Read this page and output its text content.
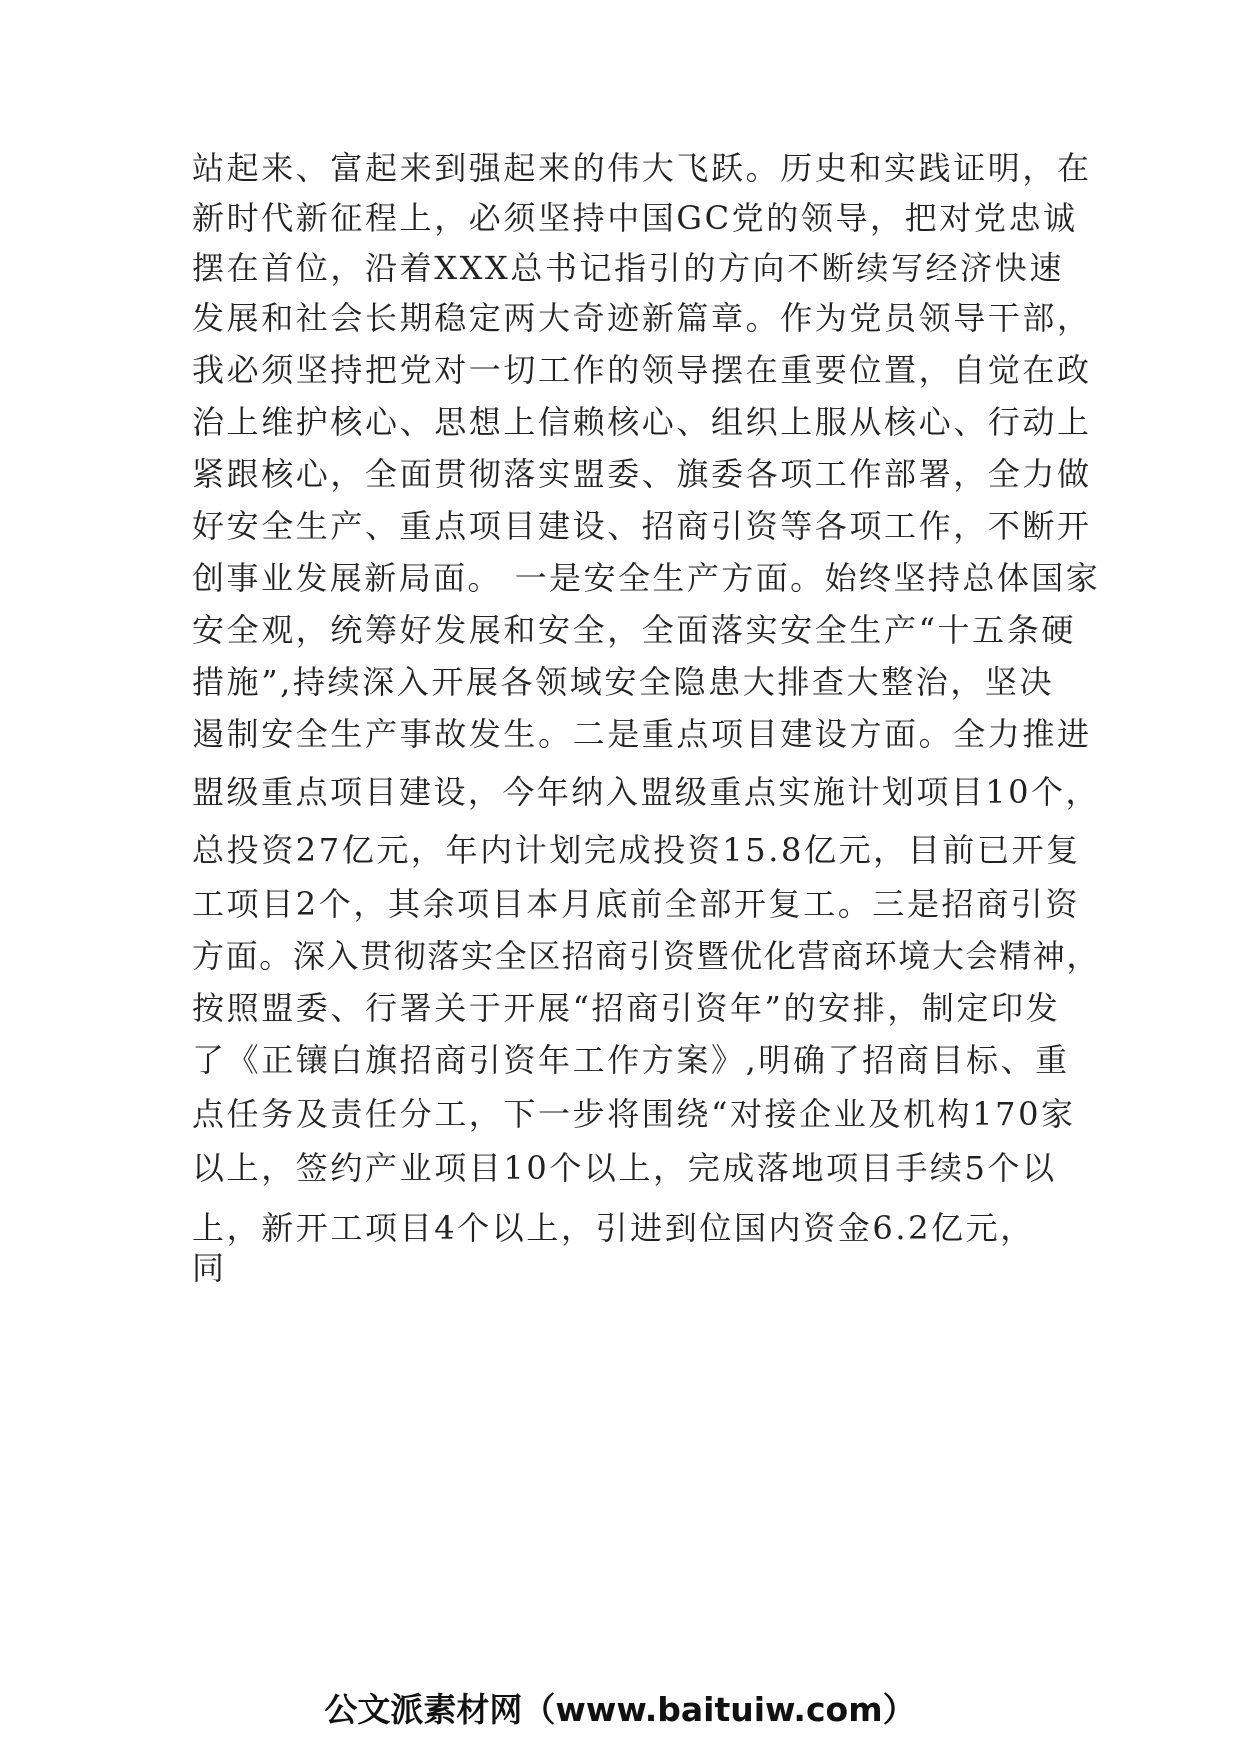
站起来、富起来到强起来的伟大飞跃。历史和实践证明，在
新时代新征程上，必须坚持中国GC党的领导，把对党忠诚
摆在首位，沿着XXX总书记指引的方向不断续写经济快速
发展和社会长期稳定两大奇迹新篇章。作为党员领导干部，
我必须坚持把党对一切工作的领导摆在重要位置，自觉在政
治上维护核心、思想上信赖核心、组织上服从核心、行动上
紧跟核心，全面贯彻落实盟委、旗委各项工作部署，全力做
好安全生产、重点项目建设、招商引资等各项工作，不断开
创事业发展新局面。 一是安全生产方面。始终坚持总体国家
安全观，统筹好发展和安全，全面落实安全生产“十五条硬
措施”,持续深入开展各领域安全隐患大排查大整治，坚决
遏制安全生产事故发生。二是重点项目建设方面。全力推进
盟级重点项目建设，今年纳入盟级重点实施计划项目10个，
总投资27亿元，年内计划完成投资15.8亿元，目前已开复
工项目2个，其余项目本月底前全部开复工。三是招商引资
方面。深入贯彻落实全区招商引资暨优化营商环境大会精神，
按照盟委、行署关于开展“招商引资年”的安排，制定印发
了《正镶白旗招商引资年工作方案》,明确了招商目标、重
点任务及责任分工，下一步将围绕“对接企业及机构170家
以上，签约产业项目10个以上，完成落地项目手续5个以
上，新开工项目4个以上，引进到位国内资金6.2亿元，
同
公文派素材网（www.baituiw.com）
